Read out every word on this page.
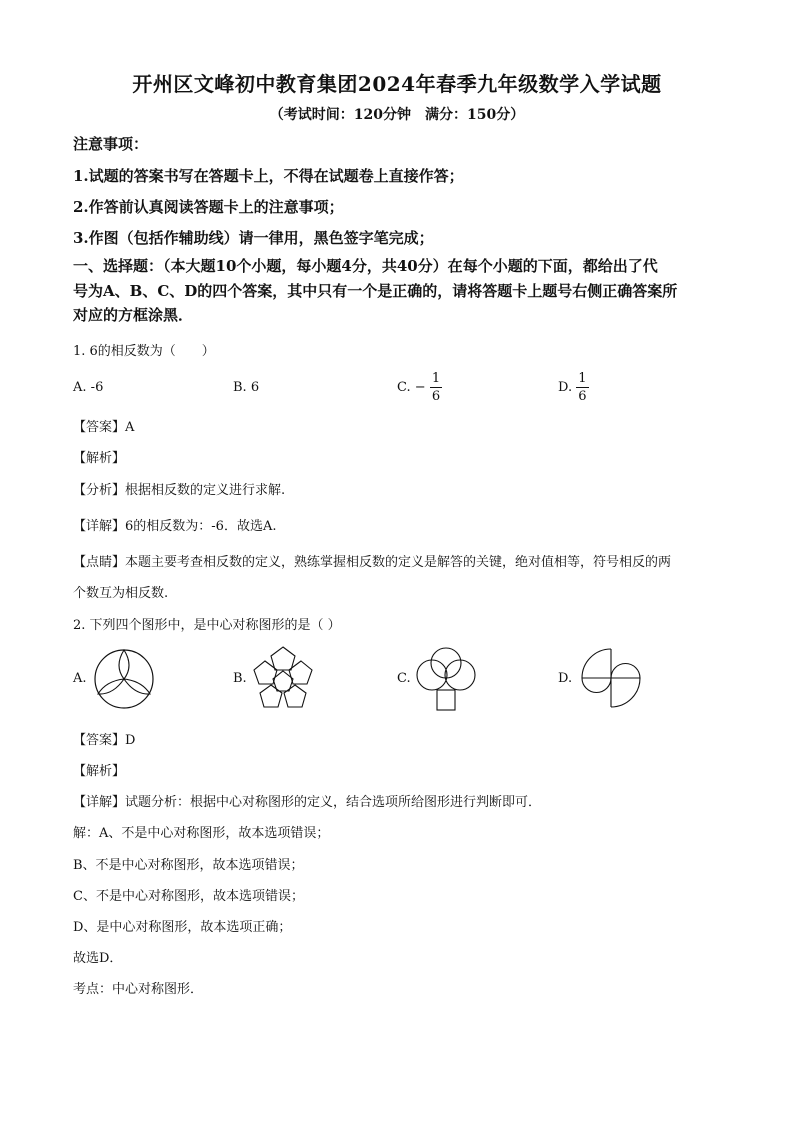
开州区文峰初中教育集团2024年春季九年级数学入学试题
（考试时间：120分钟　满分：150分）
注意事项：
1.试题的答案书写在答题卡上，不得在试题卷上直接作答；
2.作答前认真阅读答题卡上的注意事项；
3.作图（包括作辅助线）请一律用，黑色签字笔完成；
一、选择题：（本大题10个小题，每小题4分，共40分）在每个小题的下面，都给出了代
号为A、B、C、D的四个答案，其中只有一个是正确的，请将答题卡上题号右侧正确答案所
对应的方框涂黑．
1. 6的相反数为（　　）
A. -6	B. 6	C. − $\frac{1}{6}$	D. $\frac{1}{6}$
【答案】A
【解析】
【分析】根据相反数的定义进行求解.
【详解】6的相反数为：-6．故选A.
【点睛】本题主要考查相反数的定义，熟练掌握相反数的定义是解答的关键，绝对值相等，符号相反的两
个数互为相反数.
2. 下列四个图形中，是中心对称图形的是（ ）
A.	B.	C.	D.
【答案】D
【解析】
【详解】试题分析：根据中心对称图形的定义，结合选项所给图形进行判断即可．
解：A、不是中心对称图形，故本选项错误；
B、不是中心对称图形，故本选项错误；
C、不是中心对称图形，故本选项错误；
D、是中心对称图形，故本选项正确；
故选D．
考点：中心对称图形．
